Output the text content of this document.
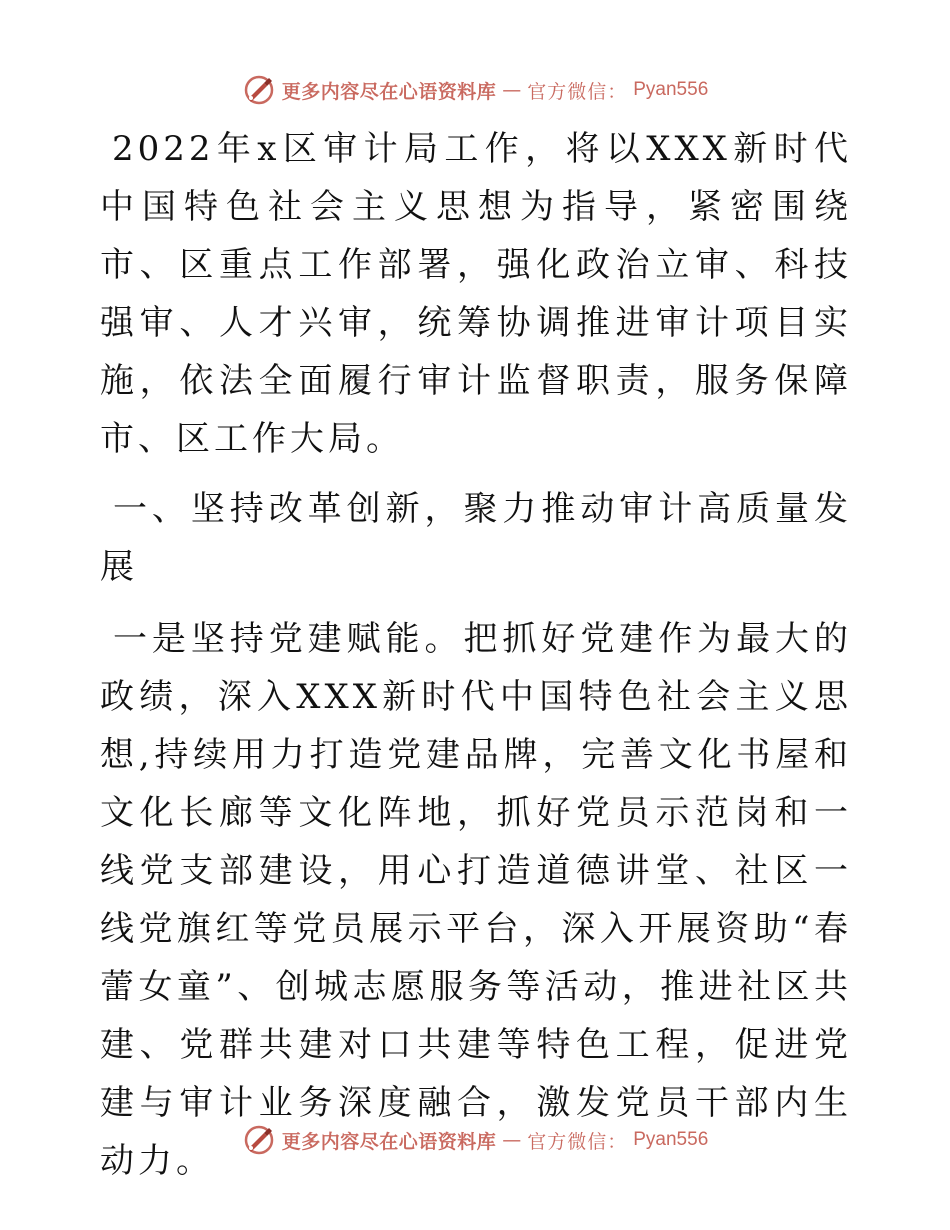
更多内容尽在心语资料库 — 官方微信： Pyan556

2022年x区审计局工作，将以XXX新时代中国特色社会主义思想为指导，紧密围绕市、区重点工作部署，强化政治立审、科技强审、人才兴审，统筹协调推进审计项目实施，依法全面履行审计监督职责，服务保障市、区工作大局。

一、坚持改革创新，聚力推动审计高质量发展

一是坚持党建赋能。把抓好党建作为最大的政绩，深入XXX新时代中国特色社会主义思想,持续用力打造党建品牌，完善文化书屋和文化长廊等文化阵地，抓好党员示范岗和一线党支部建设，用心打造道德讲堂、社区一线党旗红等党员展示平台，深入开展资助“春蕾女童”、创城志愿服务等活动，推进社区共建、党群共建对口共建等特色工程，促进党建与审计业务深度融合，激发党员干部内生动力。	更多内容尽在心语资料库 — 官方微信： Pyan556
